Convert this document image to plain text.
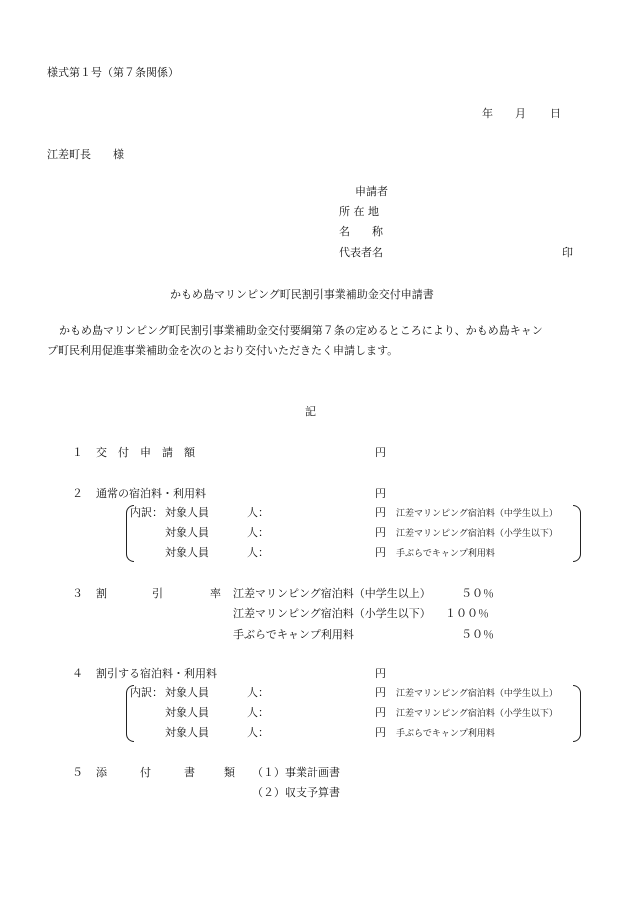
様式第１号（第７条関係）
年 月 日
江差町長　　様
申請者
所 在 地
名　　称
代表者名	印
かもめ島マリンピング町民割引事業補助金交付申請書
かもめ島マリンピング町民割引事業補助金交付要綱第７条の定めるところにより、かもめ島キャン
プ町民利用促進事業補助金を次のとおり交付いただきたく申請します。
記
１ 交　付　申　請　額	円
２ 通常の宿泊料・利用料	円
内訳： 対象人員	人：	円 江差マリンピング宿泊料（中学生以上）
対象人員	人：	円 江差マリンピング宿泊料（小学生以下）
対象人員	人：	円 手ぶらでキャンプ利用料
３ 割	引	率 江差マリンピング宿泊料（中学生以上）	５０％
江差マリンピング宿泊料（小学生以下） １００％
手ぶらでキャンプ利用料	５０％
４ 割引する宿泊料・利用料	円
内訳： 対象人員	人：	円 江差マリンピング宿泊料（中学生以上）
対象人員	人：	円 江差マリンピング宿泊料（小学生以下）
対象人員	人：	円 手ぶらでキャンプ利用料
５ 添	付	書	類 （１）事業計画書
（２）収支予算書
